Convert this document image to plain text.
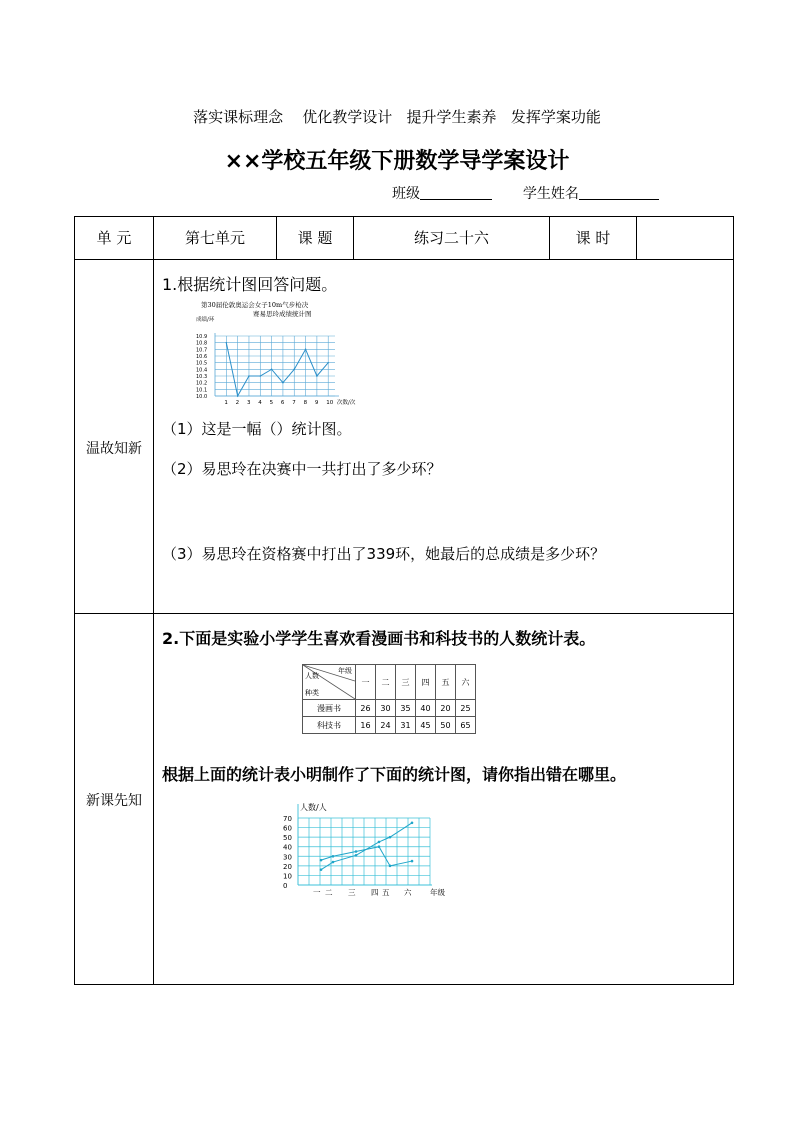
落实课标理念    优化教学设计   提升学生素养   发挥学案功能
××学校五年级下册数学导学案设计
班级	学生姓名
单 元	第七单元	课 题	练习二十六	课 时
温故知新
1.根据统计图回答问题。
第30届伦敦奥运会女子10m气步枪决
赛易思玲成绩统计图
成绩/环
10.0
10.1
10.2
10.3
10.4
10.5
10.6
10.7
10.8
10.9
1 2 3 4 5 6 7 8 9 10 次数/次
（1）这是一幅（）统计图。
（2）易思玲在决赛中一共打出了多少环？
（3）易思玲在资格赛中打出了339环，她最后的总成绩是多少环？
新课先知
2.下面是实验小学学生喜欢看漫画书和科技书的人数统计表。
年级
人数
种类	一	二	三	四	五	六

漫画书	26	30	35	40	20	25
科技书	16	24	31	45	50	65
根据上面的统计表小明制作了下面的统计图，请你指出错在哪里。
人数/人
0
10
20
30
40
50
60
70
一 二 三 四 五 六 年级
